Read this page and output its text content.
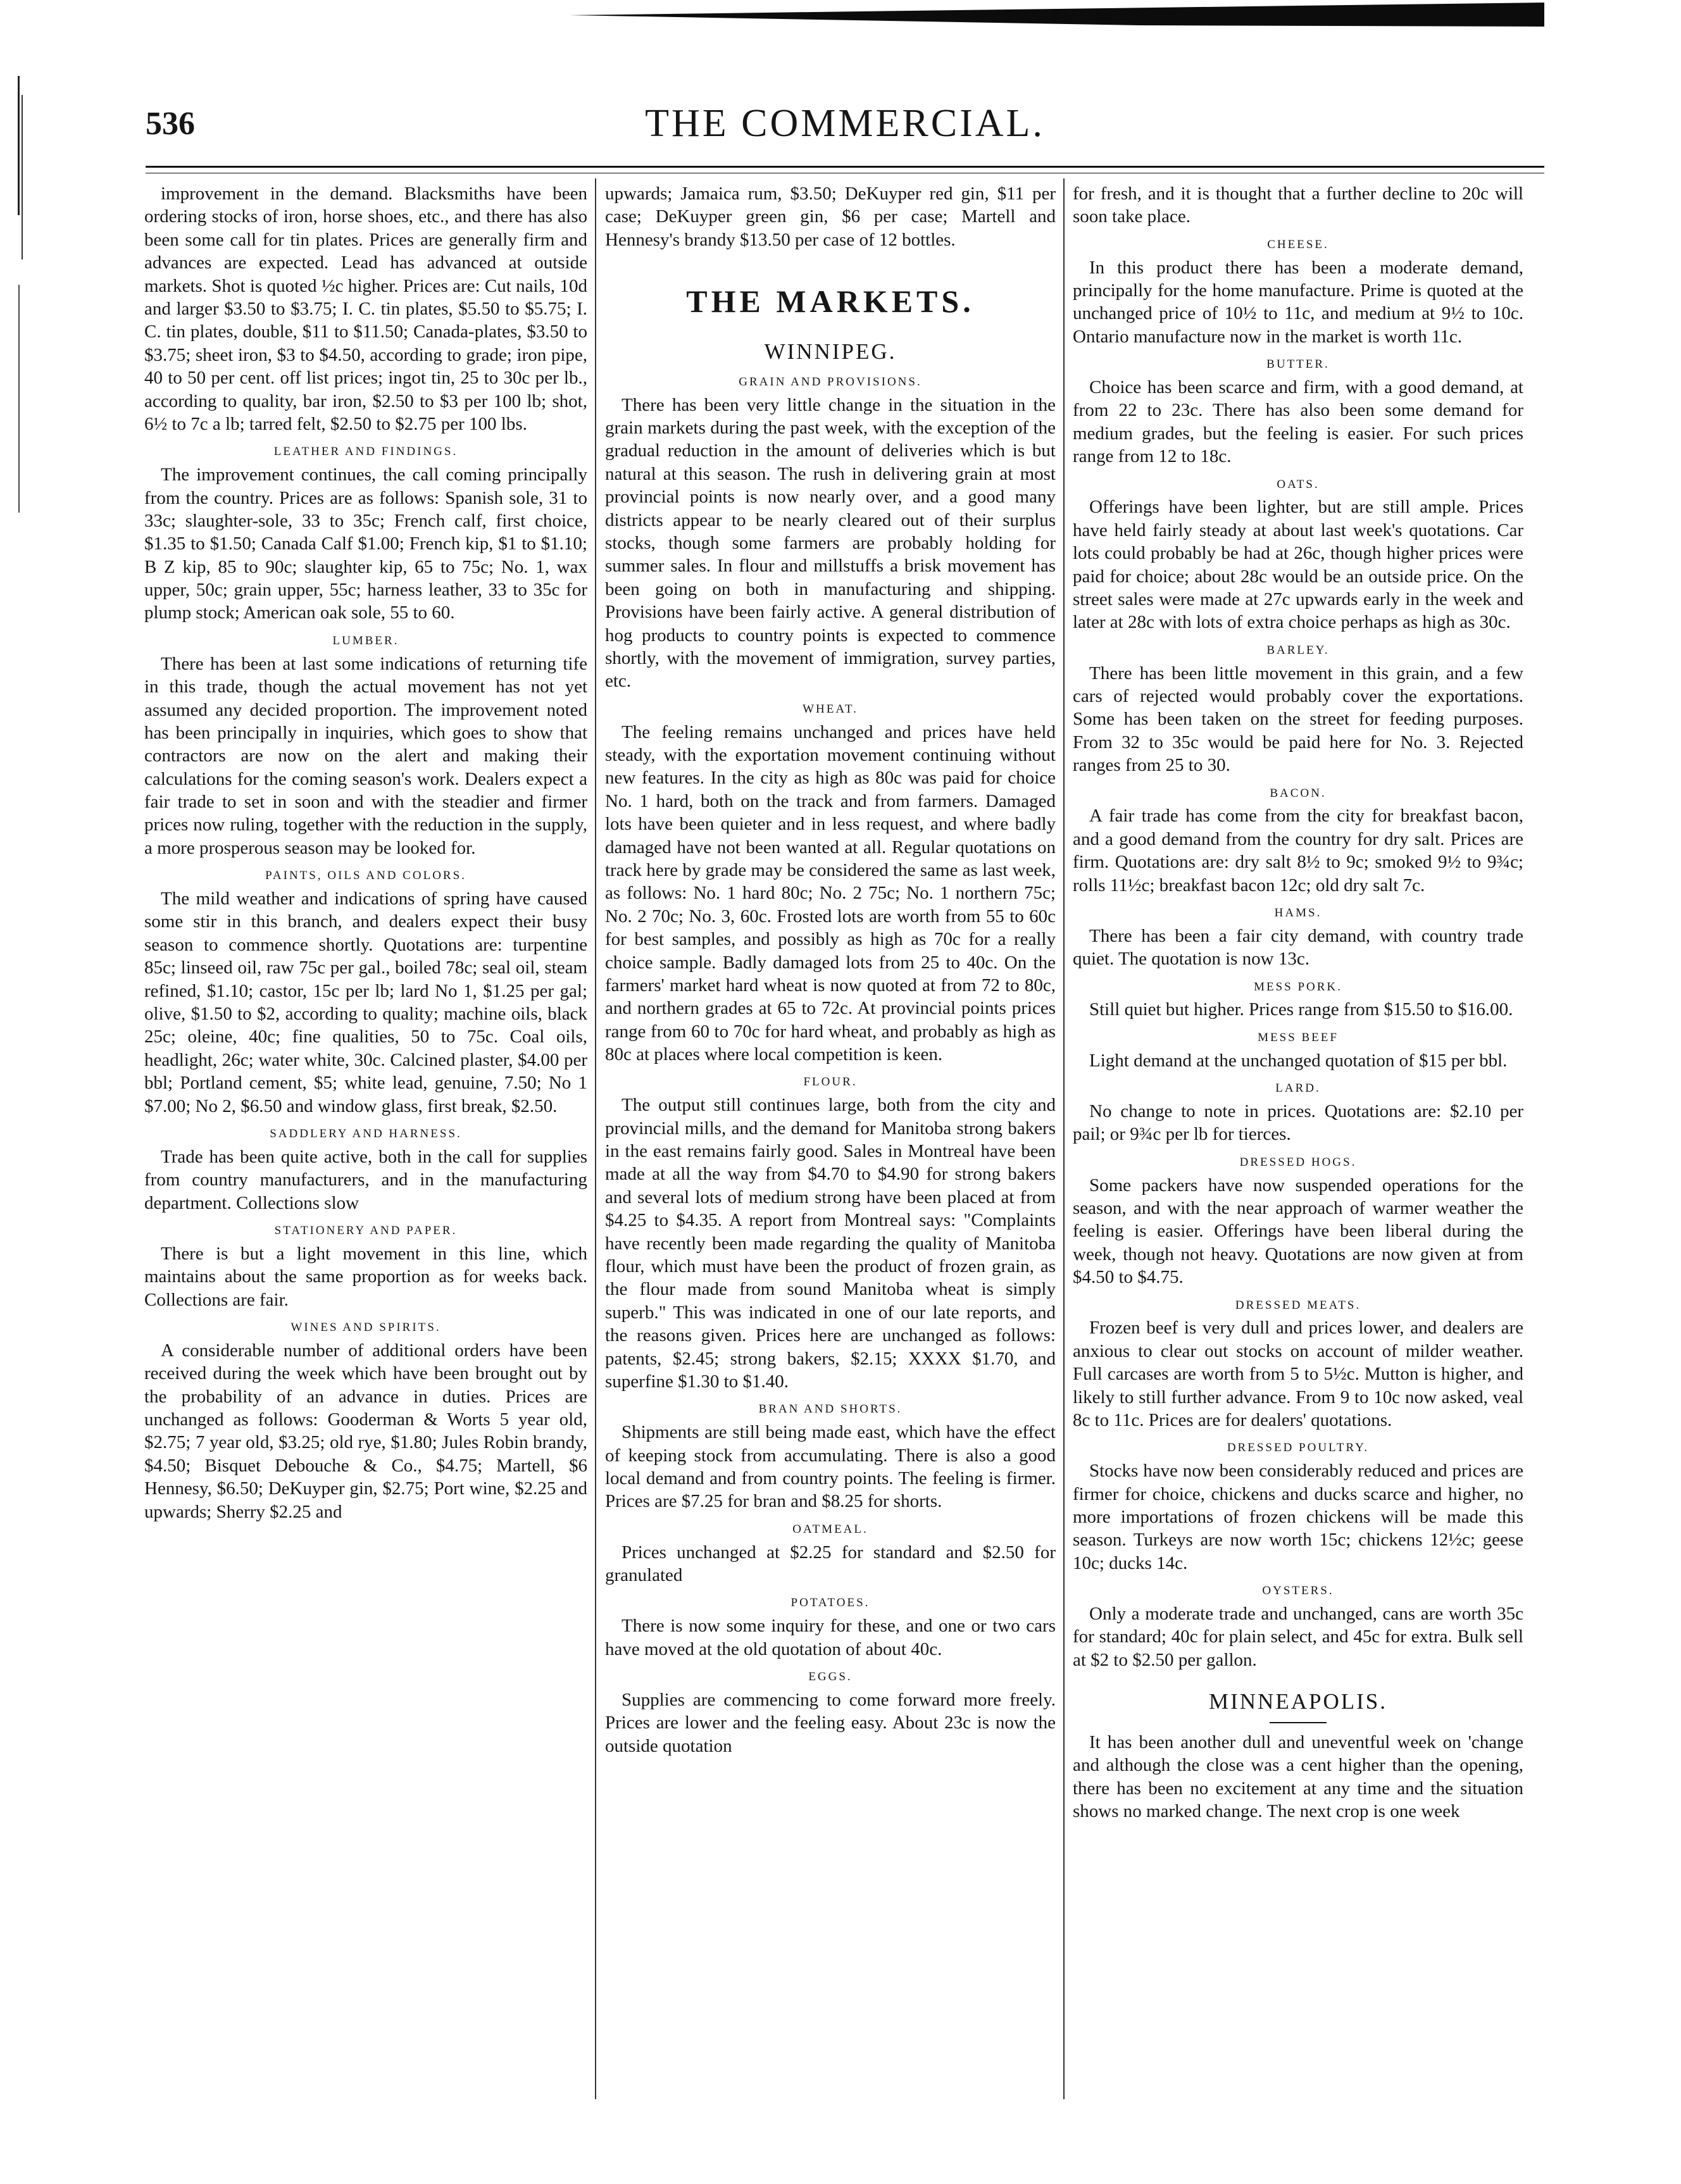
536	THE COMMERCIAL.

improvement in the demand. Blacksmiths have been ordering stocks of iron, horse shoes, etc., and there has also been some call for tin plates. Prices are generally firm and advances are expected. Lead has advanced at outside markets. Shot is quoted ½c higher. Prices are: Cut nails, 10d and larger $3.50 to $3.75; I. C. tin plates, $5.50 to $5.75; I. C. tin plates, double, $11 to $11.50; Canada-plates, $3.50 to $3.75; sheet iron, $3 to $4.50, according to grade; iron pipe, 40 to 50 per cent. off list prices; ingot tin, 25 to 30c per lb., according to quality, bar iron, $2.50 to $3 per 100 lb; shot, 6½ to 7c a lb; tarred felt, $2.50 to $2.75 per 100 lbs.

LEATHER AND FINDINGS.

The improvement continues, the call coming principally from the country. Prices are as follows: Spanish sole, 31 to 33c; slaughter-sole, 33 to 35c; French calf, first choice, $1.35 to $1.50; Canada Calf $1.00; French kip, $1 to $1.10; B Z kip, 85 to 90c; slaughter kip, 65 to 75c; No. 1, wax upper, 50c; grain upper, 55c; harness leather, 33 to 35c for plump stock; American oak sole, 55 to 60.

LUMBER.

There has been at last some indications of returning tife in this trade, though the actual movement has not yet assumed any decided proportion. The improvement noted has been principally in inquiries, which goes to show that contractors are now on the alert and making their calculations for the coming season's work. Dealers expect a fair trade to set in soon and with the steadier and firmer prices now ruling, together with the reduction in the supply, a more prosperous season may be looked for.

PAINTS, OILS AND COLORS.

The mild weather and indications of spring have caused some stir in this branch, and dealers expect their busy season to commence shortly. Quotations are: turpentine 85c; linseed oil, raw 75c per gal., boiled 78c; seal oil, steam refined, $1.10; castor, 15c per lb; lard No 1, $1.25 per gal; olive, $1.50 to $2, according to quality; machine oils, black 25c; oleine, 40c; fine qualities, 50 to 75c. Coal oils, headlight, 26c; water white, 30c. Calcined plaster, $4.00 per bbl; Portland cement, $5; white lead, genuine, 7.50; No 1 $7.00; No 2, $6.50 and window glass, first break, $2.50.

SADDLERY AND HARNESS.

Trade has been quite active, both in the call for supplies from country manufacturers, and in the manufacturing department. Collections slow

STATIONERY AND PAPER.

There is but a light movement in this line, which maintains about the same proportion as for weeks back. Collections are fair.

WINES AND SPIRITS.

A considerable number of additional orders have been received during the week which have been brought out by the probability of an advance in duties. Prices are unchanged as follows: Gooderman & Worts 5 year old, $2.75; 7 year old, $3.25; old rye, $1.80; Jules Robin brandy, $4.50; Bisquet Debouche & Co., $4.75; Martell, $6 Hennesy, $6.50; DeKuyper gin, $2.75; Port wine, $2.25 and upwards; Sherry $2.25 and

upwards; Jamaica rum, $3.50; DeKuyper red gin, $11 per case; DeKuyper green gin, $6 per case; Martell and Hennesy's brandy $13.50 per case of 12 bottles.

THE MARKETS.
WINNIPEG.
GRAIN AND PROVISIONS.

There has been very little change in the situation in the grain markets during the past week, with the exception of the gradual reduction in the amount of deliveries which is but natural at this season. The rush in delivering grain at most provincial points is now nearly over, and a good many districts appear to be nearly cleared out of their surplus stocks, though some farmers are probably holding for summer sales. In flour and millstuffs a brisk movement has been going on both in manufacturing and shipping. Provisions have been fairly active. A general distribution of hog products to country points is expected to commence shortly, with the movement of immigration, survey parties, etc.

WHEAT.

The feeling remains unchanged and prices have held steady, with the exportation movement continuing without new features. In the city as high as 80c was paid for choice No. 1 hard, both on the track and from farmers. Damaged lots have been quieter and in less request, and where badly damaged have not been wanted at all. Regular quotations on track here by grade may be considered the same as last week, as follows: No. 1 hard 80c; No. 2 75c; No. 1 northern 75c; No. 2 70c; No. 3, 60c. Frosted lots are worth from 55 to 60c for best samples, and possibly as high as 70c for a really choice sample. Badly damaged lots from 25 to 40c. On the farmers' market hard wheat is now quoted at from 72 to 80c, and northern grades at 65 to 72c. At provincial points prices range from 60 to 70c for hard wheat, and probably as high as 80c at places where local competition is keen.

FLOUR.

The output still continues large, both from the city and provincial mills, and the demand for Manitoba strong bakers in the east remains fairly good. Sales in Montreal have been made at all the way from $4.70 to $4.90 for strong bakers and several lots of medium strong have been placed at from $4.25 to $4.35. A report from Montreal says: "Complaints have recently been made regarding the quality of Manitoba flour, which must have been the product of frozen grain, as the flour made from sound Manitoba wheat is simply superb." This was indicated in one of our late reports, and the reasons given. Prices here are unchanged as follows: patents, $2.45; strong bakers, $2.15; XXXX $1.70, and superfine $1.30 to $1.40.

BRAN AND SHORTS.

Shipments are still being made east, which have the effect of keeping stock from accumulating. There is also a good local demand and from country points. The feeling is firmer. Prices are $7.25 for bran and $8.25 for shorts.

OATMEAL.

Prices unchanged at $2.25 for standard and $2.50 for granulated

POTATOES.

There is now some inquiry for these, and one or two cars have moved at the old quotation of about 40c.

EGGS.

Supplies are commencing to come forward more freely. Prices are lower and the feeling easy. About 23c is now the outside quotation

for fresh, and it is thought that a further decline to 20c will soon take place.

CHEESE.

In this product there has been a moderate demand, principally for the home manufacture. Prime is quoted at the unchanged price of 10½ to 11c, and medium at 9½ to 10c. Ontario manufacture now in the market is worth 11c.

BUTTER.

Choice has been scarce and firm, with a good demand, at from 22 to 23c. There has also been some demand for medium grades, but the feeling is easier. For such prices range from 12 to 18c.

OATS.

Offerings have been lighter, but are still ample. Prices have held fairly steady at about last week's quotations. Car lots could probably be had at 26c, though higher prices were paid for choice; about 28c would be an outside price. On the street sales were made at 27c upwards early in the week and later at 28c with lots of extra choice perhaps as high as 30c.

BARLEY.

There has been little movement in this grain, and a few cars of rejected would probably cover the exportations. Some has been taken on the street for feeding purposes. From 32 to 35c would be paid here for No. 3. Rejected ranges from 25 to 30.

BACON.

A fair trade has come from the city for breakfast bacon, and a good demand from the country for dry salt. Prices are firm. Quotations are: dry salt 8½ to 9c; smoked 9½ to 9¾c; rolls 11½c; breakfast bacon 12c; old dry salt 7c.

HAMS.

There has been a fair city demand, with country trade quiet. The quotation is now 13c.

MESS PORK.

Still quiet but higher. Prices range from $15.50 to $16.00.

MESS BEEF

Light demand at the unchanged quotation of $15 per bbl.

LARD.

No change to note in prices. Quotations are: $2.10 per pail; or 9¾c per lb for tierces.

DRESSED HOGS.

Some packers have now suspended operations for the season, and with the near approach of warmer weather the feeling is easier. Offerings have been liberal during the week, though not heavy. Quotations are now given at from $4.50 to $4.75.

DRESSED MEATS.

Frozen beef is very dull and prices lower, and dealers are anxious to clear out stocks on account of milder weather. Full carcases are worth from 5 to 5½c. Mutton is higher, and likely to still further advance. From 9 to 10c now asked, veal 8c to 11c. Prices are for dealers' quotations.

DRESSED POULTRY.

Stocks have now been considerably reduced and prices are firmer for choice, chickens and ducks scarce and higher, no more importations of frozen chickens will be made this season. Turkeys are now worth 15c; chickens 12½c; geese 10c; ducks 14c.

OYSTERS.

Only a moderate trade and unchanged, cans are worth 35c for standard; 40c for plain select, and 45c for extra. Bulk sell at $2 to $2.50 per gallon.

MINNEAPOLIS.

It has been another dull and uneventful week on 'change and although the close was a cent higher than the opening, there has been no excitement at any time and the situation shows no marked change. The next crop is one week
